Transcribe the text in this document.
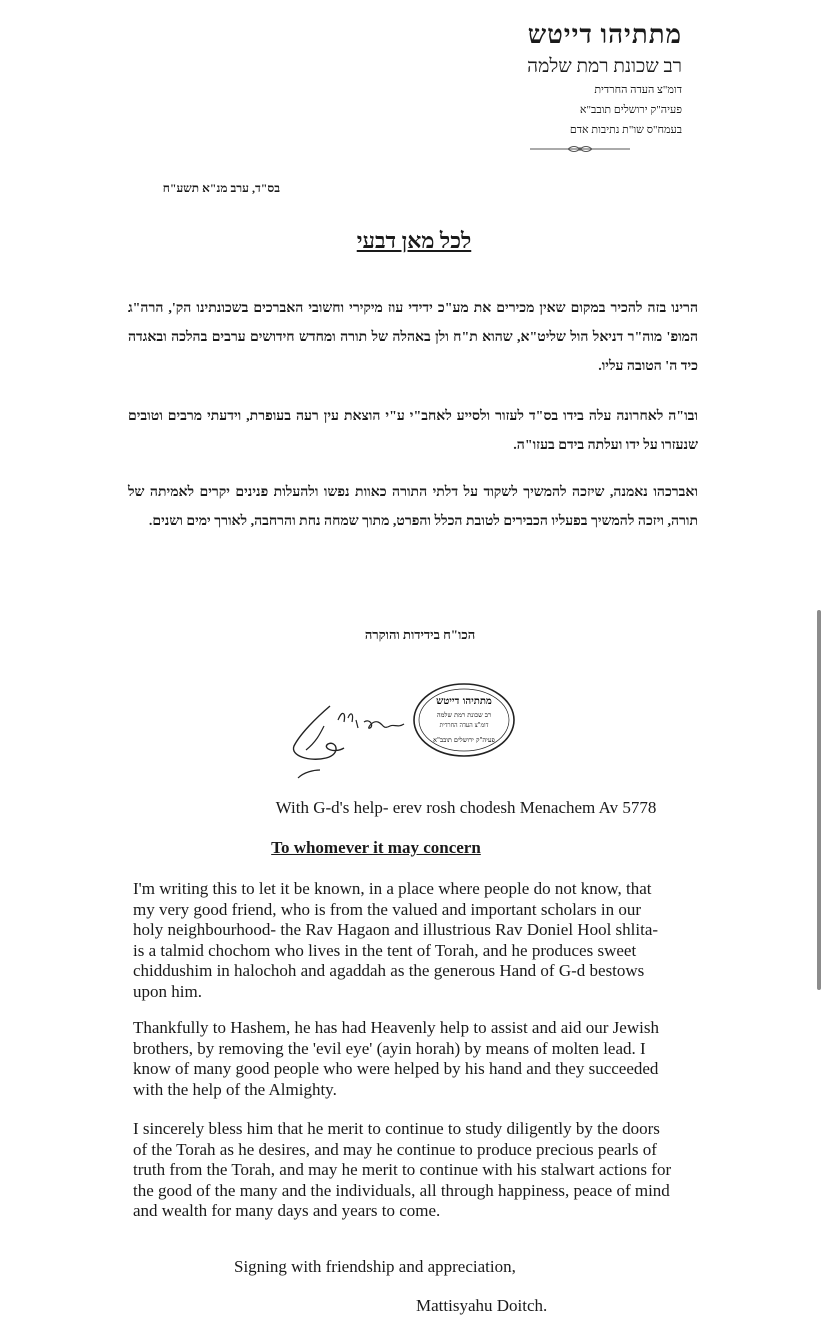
מתתיהו דייטש
רב שכונת רמת שלמה
דומ"צ העדה החרדית
פעיה"ק ירושלים תובב"א
בעמח"ס שו"ת נתיבות אדם
בס"ד, ערב מנ"א תשע"ח
לכל מאן דבעי
הרינו בזה להכיר במקום שאין מכירים את מע"כ ידידי עוז מיקירי וחשובי האברכים בשכונתינו הק', הרה"ג המופ' מוה"ר דניאל הול שליט"א, שהוא ת"ח ולן באהלה של תורה ומחדש חידושים ערבים בהלכה ובאגדה כיד ה' הטובה עליו.
ובו"ה לאחרונה עלה בידו בס"ד לעזור ולסייע לאחב"י ע"י הוצאת עין רעה בעופרת, וידעתי מרבים וטובים שנעזרו על ידו ועלתה בידם בעזו"ה.
ואברכהו נאמנה, שיזכה להמשיך לשקוד על דלתי התורה כאוות נפשו ולהעלות פנינים יקרים לאמיתה של תורה, ויזכה להמשיך בפעליו הכבירים לטובת הכלל והפרט, מתוך שמחה נחת והרחבה, לאורך ימים ושנים.
הכו"ח בידידות והוקרה
מתתיהו דייטש
רב שכונת רמת שלמה
דומ"צ העדה החרדית
פעיה"ק ירושלים תובב"א
With G-d's help- erev rosh chodesh Menachem Av 5778
To whomever it may concern
I'm writing this to let it be known, in a place where people do not know, that my very good friend, who is from the valued and important scholars in our holy neighbourhood- the Rav Hagaon and illustrious Rav Doniel Hool shlita- is a talmid chochom who lives in the tent of Torah, and he produces sweet chiddushim in halochoh and agaddah as the generous Hand of G-d bestows upon him.
Thankfully to Hashem, he has had Heavenly help to assist and aid our Jewish brothers, by removing the 'evil eye' (ayin horah) by means of molten lead. I know of many good people who were helped by his hand and they succeeded with the help of the Almighty.
I sincerely bless him that he merit to continue to study diligently by the doors of the Torah as he desires, and may he continue to produce precious pearls of truth from the Torah, and may he merit to continue with his stalwart actions for the good of the many and the individuals, all through happiness, peace of mind and wealth for many days and years to come.
Signing with friendship and appreciation,
Mattisyahu Doitch.
